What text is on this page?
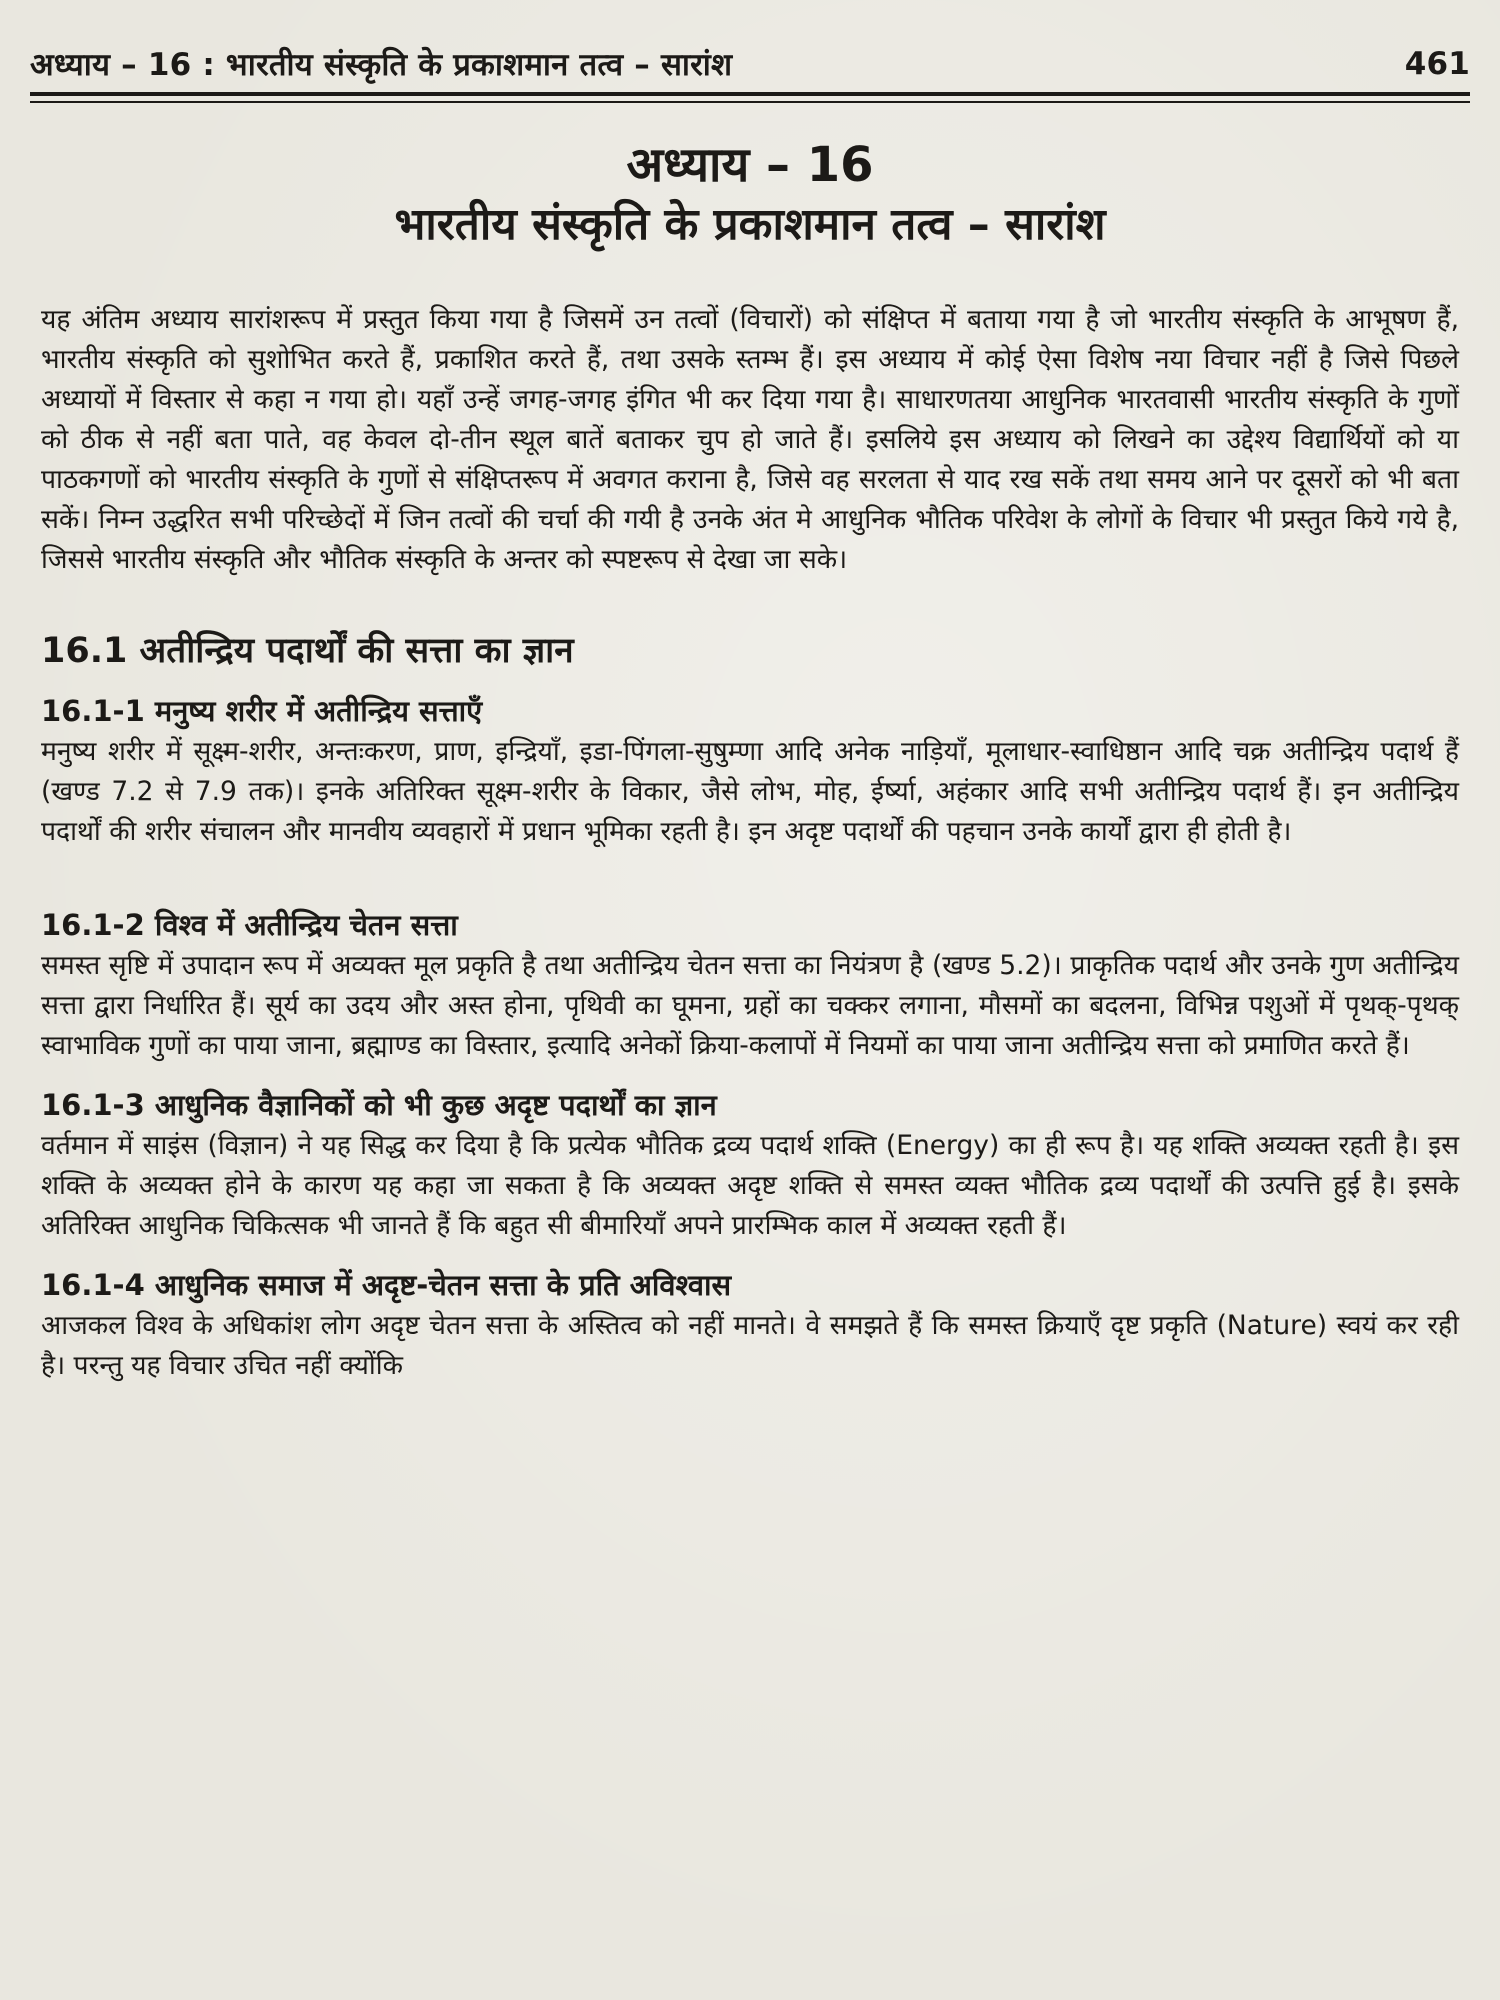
अध्याय – 16 : भारतीय संस्कृति के प्रकाशमान तत्व – सारांश	461
अध्याय – 16
भारतीय संस्कृति के प्रकाशमान तत्व – सारांश

यह अंतिम अध्याय सारांशरूप में प्रस्तुत किया गया है जिसमें उन तत्वों (विचारों) को संक्षिप्त में बताया गया है जो भारतीय संस्कृति के आभूषण हैं, भारतीय संस्कृति को सुशोभित करते हैं, प्रकाशित करते हैं, तथा उसके स्तम्भ हैं। इस अध्याय में कोई ऐसा विशेष नया विचार नहीं है जिसे पिछले अध्यायों में विस्तार से कहा न गया हो। यहाँ उन्हें जगह-जगह इंगित भी कर दिया गया है। साधारणतया आधुनिक भारतवासी भारतीय संस्कृति के गुणों को ठीक से नहीं बता पाते, वह केवल दो-तीन स्थूल बातें बताकर चुप हो जाते हैं। इसलिये इस अध्याय को लिखने का उद्देश्य विद्यार्थियों को या पाठकगणों को भारतीय संस्कृति के गुणों से संक्षिप्तरूप में अवगत कराना है, जिसे वह सरलता से याद रख सकें तथा समय आने पर दूसरों को भी बता सकें। निम्न उद्धरित सभी परिच्छेदों में जिन तत्वों की चर्चा की गयी है उनके अंत मे आधुनिक भौतिक परिवेश के लोगों के विचार भी प्रस्तुत किये गये है, जिससे भारतीय संस्कृति और भौतिक संस्कृति के अन्तर को स्पष्टरूप से देखा जा सके।

16.1 अतीन्द्रिय पदार्थों की सत्ता का ज्ञान
16.1-1 मनुष्य शरीर में अतीन्द्रिय सत्ताएँ

मनुष्य शरीर में सूक्ष्म-शरीर, अन्तःकरण, प्राण, इन्द्रियाँ, इडा-पिंगला-सुषुम्णा आदि अनेक नाड़ियाँ, मूलाधार-स्वाधिष्ठान आदि चक्र अतीन्द्रिय पदार्थ हैं (खण्ड 7.2 से 7.9 तक)। इनके अतिरिक्त सूक्ष्म-शरीर के विकार, जैसे लोभ, मोह, ईर्ष्या, अहंकार आदि सभी अतीन्द्रिय पदार्थ हैं। इन अतीन्द्रिय पदार्थों की शरीर संचालन और मानवीय व्यवहारों में प्रधान भूमिका रहती है। इन अदृष्ट पदार्थों की पहचान उनके कार्यों द्वारा ही होती है।

16.1-2 विश्व में अतीन्द्रिय चेतन सत्ता

समस्त सृष्टि में उपादान रूप में अव्यक्त मूल प्रकृति है तथा अतीन्द्रिय चेतन सत्ता का नियंत्रण है (खण्ड 5.2)। प्राकृतिक पदार्थ और उनके गुण अतीन्द्रिय सत्ता द्वारा निर्धारित हैं। सूर्य का उदय और अस्त होना, पृथिवी का घूमना, ग्रहों का चक्कर लगाना, मौसमों का बदलना, विभिन्न पशुओं में पृथक्-पृथक् स्वाभाविक गुणों का पाया जाना, ब्रह्माण्ड का विस्तार, इत्यादि अनेकों क्रिया-कलापों में नियमों का पाया जाना अतीन्द्रिय सत्ता को प्रमाणित करते हैं।

16.1-3 आधुनिक वैज्ञानिकों को भी कुछ अदृष्ट पदार्थों का ज्ञान

वर्तमान में साइंस (विज्ञान) ने यह सिद्ध कर दिया है कि प्रत्येक भौतिक द्रव्य पदार्थ शक्ति (Energy) का ही रूप है। यह शक्ति अव्यक्त रहती है। इस शक्ति के अव्यक्त होने के कारण यह कहा जा सकता है कि अव्यक्त अदृष्ट शक्ति से समस्त व्यक्त भौतिक द्रव्य पदार्थों की उत्पत्ति हुई है। इसके अतिरिक्त आधुनिक चिकित्सक भी जानते हैं कि बहुत सी बीमारियाँ अपने प्रारम्भिक काल में अव्यक्त रहती हैं।

16.1-4 आधुनिक समाज में अदृष्ट-चेतन सत्ता के प्रति अविश्वास

आजकल विश्व के अधिकांश लोग अदृष्ट चेतन सत्ता के अस्तित्व को नहीं मानते। वे समझते हैं कि समस्त क्रियाएँ दृष्ट प्रकृति (Nature) स्वयं कर रही है। परन्तु यह विचार उचित नहीं क्योंकि
